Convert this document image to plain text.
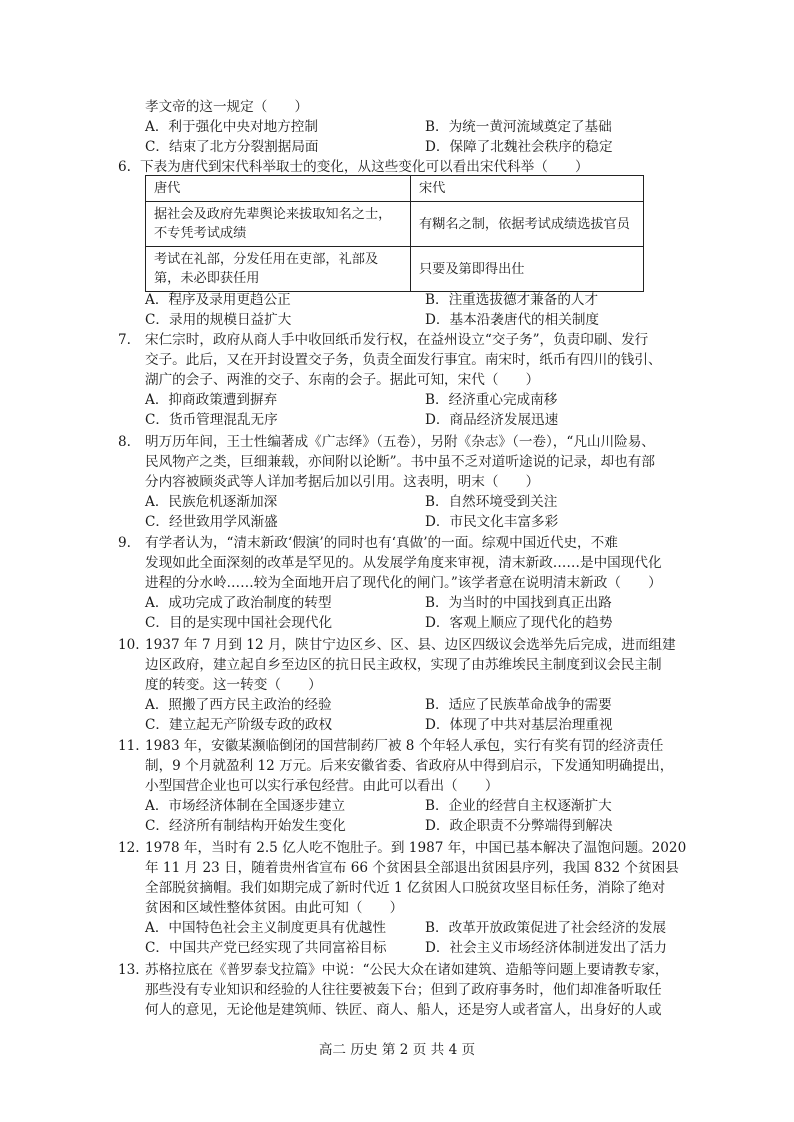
孝文帝的这一规定（　　）
A．利于强化中央对地方控制	B．为统一黄河流域奠定了基础
C．结束了北方分裂割据局面	D．保障了北魏社会秩序的稳定
6. 下表为唐代到宋代科举取士的变化，从这些变化可以看出宋代科举（　　）
唐代	宋代
据社会及政府先辈舆论来拔取知名之士，不专凭考试成绩	有糊名之制，依据考试成绩选拔官员
考试在礼部，分发任用在吏部，礼部及第，未必即获任用	只要及第即得出仕
A．程序及录用更趋公正	B．注重选拔德才兼备的人才
C．录用的规模日益扩大	D．基本沿袭唐代的相关制度
7. 宋仁宗时，政府从商人手中收回纸币发行权，在益州设立“交子务”，负责印刷、发行
交子。此后，又在开封设置交子务，负责全面发行事宜。南宋时，纸币有四川的钱引、
湖广的会子、两淮的交子、东南的会子。据此可知，宋代（　　）
A．抑商政策遭到摒弃	B．经济重心完成南移
C．货币管理混乱无序	D．商品经济发展迅速
8. 明万历年间，王士性编著成《广志绎》（五卷），另附《杂志》（一卷），“凡山川险易、
民风物产之类，巨细兼载，亦间附以论断”。书中虽不乏对道听途说的记录，却也有部
分内容被顾炎武等人详加考据后加以引用。这表明，明末（　　）
A．民族危机逐渐加深	B．自然环境受到关注
C．经世致用学风渐盛	D．市民文化丰富多彩
9. 有学者认为，“清末新政‘假演’的同时也有‘真做’的一面。综观中国近代史，不难
发现如此全面深刻的改革是罕见的。从发展学角度来审视，清末新政……是中国现代化
进程的分水岭……较为全面地开启了现代化的闸门。”该学者意在说明清末新政（　　）
A．成功完成了政治制度的转型	B．为当时的中国找到真正出路
C．目的是实现中国社会现代化	D．客观上顺应了现代化的趋势
10. 1937 年 7 月到 12 月，陕甘宁边区乡、区、县、边区四级议会选举先后完成，进而组建
边区政府，建立起自乡至边区的抗日民主政权，实现了由苏维埃民主制度到议会民主制
度的转变。这一转变（　　）
A．照搬了西方民主政治的经验	B．适应了民族革命战争的需要
C．建立起无产阶级专政的政权	D．体现了中共对基层治理重视
11. 1983 年，安徽某濒临倒闭的国营制药厂被 8 个年轻人承包，实行有奖有罚的经济责任
制，9 个月就盈利 12 万元。后来安徽省委、省政府从中得到启示，下发通知明确提出，
小型国营企业也可以实行承包经营。由此可以看出（　　）
A．市场经济体制在全国逐步建立	B．企业的经营自主权逐渐扩大
C．经济所有制结构开始发生变化	D．政企职责不分弊端得到解决
12. 1978 年，当时有 2.5 亿人吃不饱肚子。到 1987 年，中国已基本解决了温饱问题。2020
年 11 月 23 日，随着贵州省宣布 66 个贫困县全部退出贫困县序列，我国 832 个贫困县
全部脱贫摘帽。我们如期完成了新时代近 1 亿贫困人口脱贫攻坚目标任务，消除了绝对
贫困和区域性整体贫困。由此可知（　　）
A．中国特色社会主义制度更具有优越性	B．改革开放政策促进了社会经济的发展
C．中国共产党已经实现了共同富裕目标	D．社会主义市场经济体制迸发出了活力
13. 苏格拉底在《普罗泰戈拉篇》中说：“公民大众在诸如建筑、造船等问题上要请教专家，
那些没有专业知识和经验的人往往要被轰下台；但到了政府事务时，他们却准备听取任
何人的意见，无论他是建筑师、铁匠、商人、船人，还是穷人或者富人，出身好的人或
高二 历史 第 2 页 共 4 页
